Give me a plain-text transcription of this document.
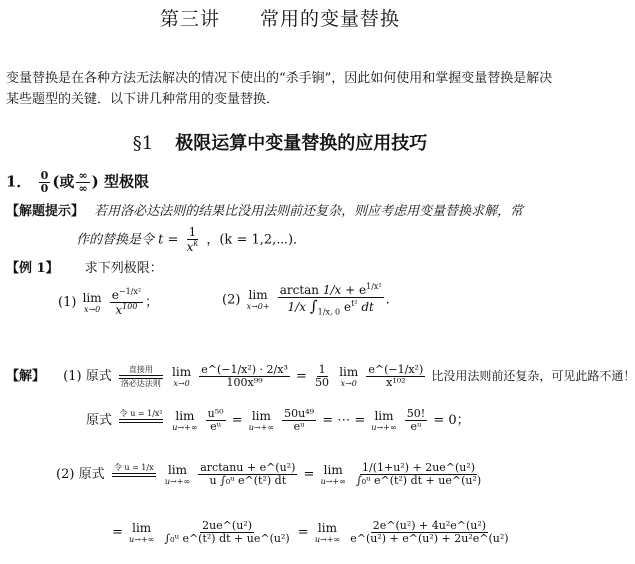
第三讲　　常用的变量替换
变量替换是在各种方法无法解决的情况下使出的“杀手锏”，因此如何使用和掌握变量替换是解决某些题型的关键．以下讲几种常用的变量替换．
§1 极限运算中变量替换的应用技巧
1． $\frac{0}{0}$ (或 $\frac{\infty}{\infty}$ ) 型极限
【解题提示】 若用洛必达法则的结果比没用法则前还复杂，则应考虑用变量替换求解，常
作的替换是令 $t = \frac{1}{x^k}$ ，(k = 1,2,⋯)．
【例 1】 求下列极限：
(1) lim
x→0
$\frac{e^{-1/x^2}}{x^{100}}$ ；	(2) lim
x→0+
$\frac{\arctan 1/x + e^{1/x^2}}{1/x \int_{1/x, 0} e^{t^2} dt}$ .
【解】 (1) 原式 直接用
洛必达法则

lim
x→0
$\frac{\text{e\textasciicircum{}(−1/x²) · 2/x³}}{\text{100x⁹⁹}} = \frac{1}{50}$
lim
x→0
$\frac{\text{e\textasciicircum{}(−1/x²)}}{\text{x¹⁰²}}$ 比没用法则前还复杂，可见此路不通！
原式 令 u = 1/x²

lim
u→+∞
$\frac{\text{u⁵⁰}}{\text{eᵘ}} = \lim$
u→+∞
$\frac{\text{50u⁴⁹}}{\text{eᵘ}}$ = ⋯ = lim
u→+∞
$\frac{50!}{\text{eᵘ}} = 0$；
(2) 原式 令 u = 1/x

lim
u→+∞
$\frac{\text{arctanu + e\textasciicircum{}(u²)}}{\text{u ∫₀ᵘ e\textasciicircum{}(t²) dt}} = \lim$
u→+∞
$\frac{\text{1/(1+u²) + 2ue\textasciicircum{}(u²)}}{\text{∫₀ᵘ e\textasciicircum{}(t²) dt + ue\textasciicircum{}(u²)}}$
= lim
u→+∞
$\frac{\text{2ue\textasciicircum{}(u²)}}{\text{∫₀ᵘ e\textasciicircum{}(t²) dt + ue\textasciicircum{}(u²)}} = \lim$
u→+∞
$\frac{\text{2e\textasciicircum{}(u²) + 4u²e\textasciicircum{}(u²)}}{\text{e\textasciicircum{}(u²) + e\textasciicircum{}(u²) + 2u²e\textasciicircum{}(u²)}}$
